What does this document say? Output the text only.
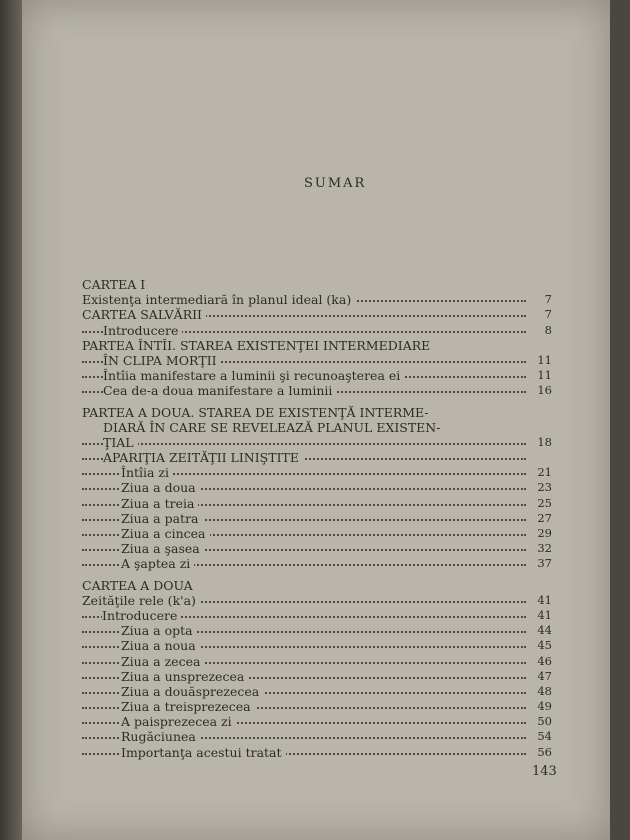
SUMAR
CARTEA I
Existenţa intermediară în planul ideal (ka)	7
CARTEA SALVĂRII	7
Introducere	8
PARTEA ÎNTÎI. STAREA EXISTENŢEI INTERMEDIARE
ÎN CLIPA MORŢII	11
Întîia manifestare a luminii şi recunoaşterea ei	11
Cea de-a doua manifestare a luminii	16
PARTEA A DOUA. STAREA DE EXISTENŢĂ INTERME-
DIARĂ ÎN CARE SE REVELEAZĂ PLANUL EXISTEN-
ŢIAL	18
APARIŢIA ZEITĂŢII LINIŞTITE
Întîia zi	21
Ziua a doua	23
Ziua a treia	25
Ziua a patra	27
Ziua a cincea	29
Ziua a şasea	32
A şaptea zi	37
CARTEA A DOUA
Zeităţile rele (k'a)	41
Introducere	41
Ziua a opta	44
Ziua a noua	45
Ziua a zecea	46
Ziua a unsprezecea	47
Ziua a douăsprezecea	48
Ziua a treisprezecea	49
A paisprezecea zi	50
Rugăciunea	54
Importanţa acestui tratat	56
143
